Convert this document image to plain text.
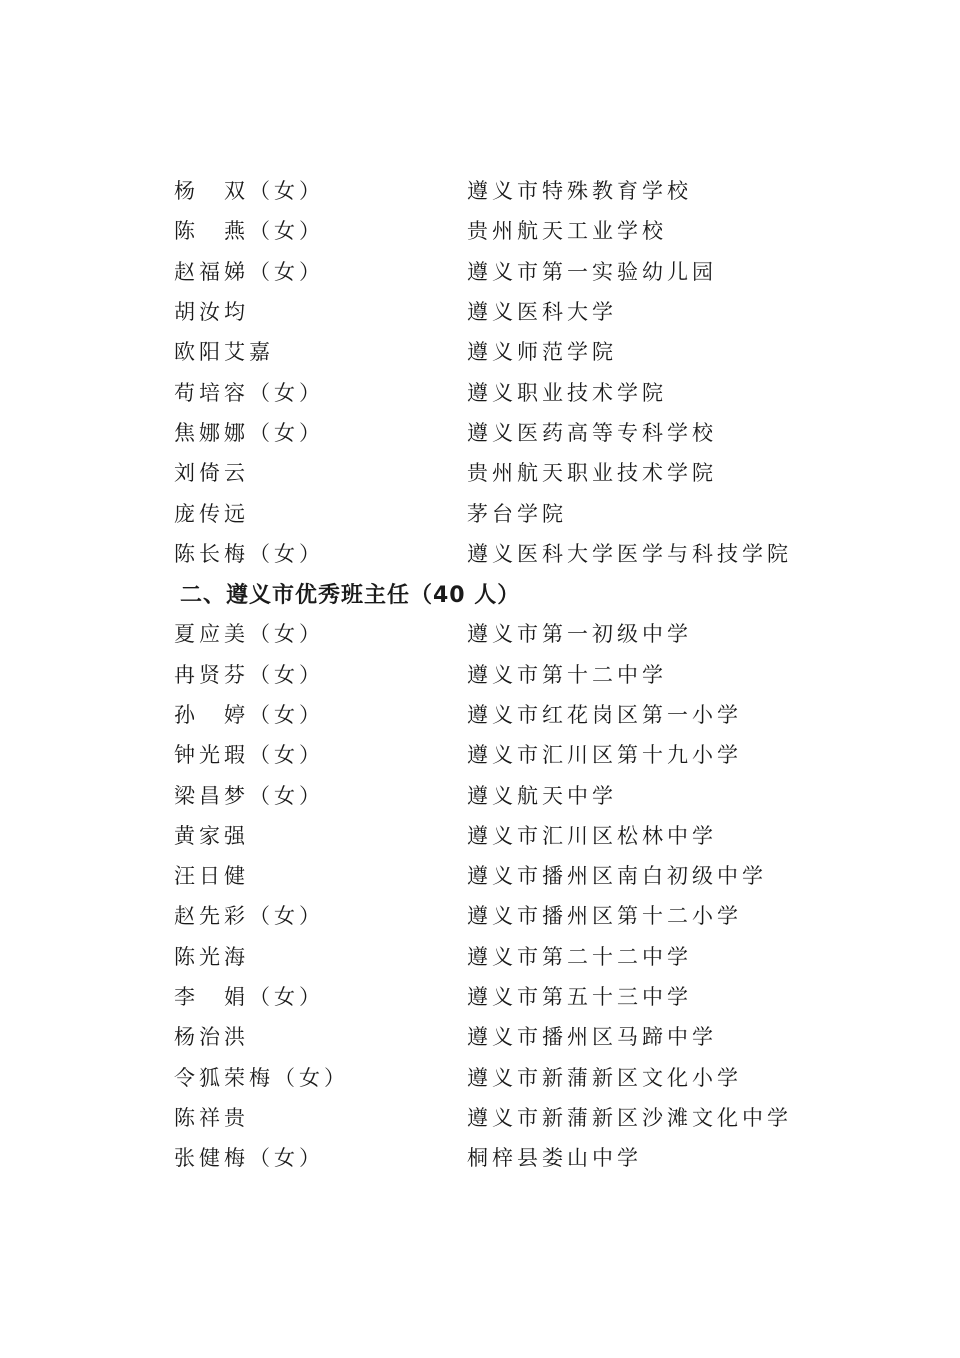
杨　双（女）	遵义市特殊教育学校
陈　燕（女）	贵州航天工业学校
赵福娣（女）	遵义市第一实验幼儿园
胡汝均	遵义医科大学
欧阳艾嘉	遵义师范学院
苟培容（女）	遵义职业技术学院
焦娜娜（女）	遵义医药高等专科学校
刘倚云	贵州航天职业技术学院
庞传远	茅台学院
陈长梅（女）	遵义医科大学医学与科技学院
二、遵义市优秀班主任（40 人）
夏应美（女）	遵义市第一初级中学
冉贤芬（女）	遵义市第十二中学
孙　婷（女）	遵义市红花岗区第一小学
钟光瑕（女）	遵义市汇川区第十九小学
梁昌梦（女）	遵义航天中学
黄家强	遵义市汇川区松林中学
汪日健	遵义市播州区南白初级中学
赵先彩（女）	遵义市播州区第十二小学
陈光海	遵义市第二十二中学
李　娟（女）	遵义市第五十三中学
杨治洪	遵义市播州区马蹄中学
令狐荣梅（女）	遵义市新蒲新区文化小学
陈祥贵	遵义市新蒲新区沙滩文化中学
张健梅（女）	桐梓县娄山中学
